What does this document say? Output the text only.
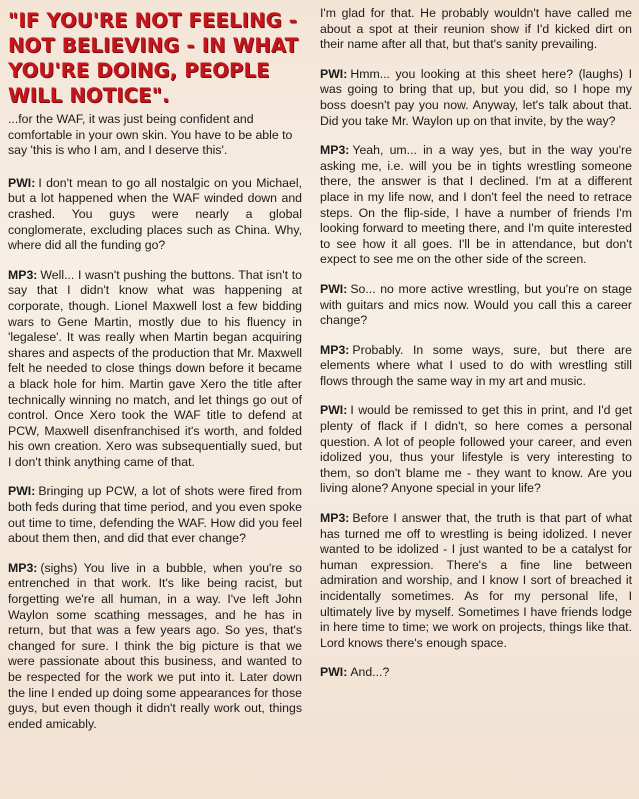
"IF YOU'RE NOT FEELING - NOT BELIEVING - IN WHAT YOU'RE DOING, PEOPLE WILL NOTICE".
...for the WAF, it was just being confident and comfortable in your own skin. You have to be able to say 'this is who I am, and I deserve this'.

PWI: I don't mean to go all nostalgic on you Michael, but a lot happened when the WAF winded down and crashed. You guys were nearly a global conglomerate, excluding places such as China. Why, where did all the funding go?

MP3: Well... I wasn't pushing the buttons. That isn't to say that I didn't know what was happening at corporate, though. Lionel Maxwell lost a few bidding wars to Gene Martin, mostly due to his fluency in 'legalese'. It was really when Martin began acquiring shares and aspects of the production that Mr. Maxwell felt he needed to close things down before it became a black hole for him. Martin gave Xero the title after technically winning no match, and let things go out of control. Once Xero took the WAF title to defend at PCW, Maxwell disenfranchised it's worth, and folded his own creation. Xero was subsequentially sued, but I don't think anything came of that.

PWI: Bringing up PCW, a lot of shots were fired from both feds during that time period, and you even spoke out time to time, defending the WAF. How did you feel about them then, and did that ever change?

MP3: (sighs) You live in a bubble, when you're so entrenched in that work. It's like being racist, but forgetting we're all human, in a way. I've left John Waylon some scathing messages, and he has in return, but that was a few years ago. So yes, that's changed for sure. I think the big picture is that we were passionate about this business, and wanted to be respected for the work we put into it. Later down the line I ended up doing some appearances for those guys, but even though it didn't really work out, things ended amicably.

I'm glad for that. He probably wouldn't have called me about a spot at their reunion show if I'd kicked dirt on their name after all that, but that's sanity prevailing.

PWI: Hmm... you looking at this sheet here? (laughs) I was going to bring that up, but you did, so I hope my boss doesn't pay you now. Anyway, let's talk about that. Did you take Mr. Waylon up on that invite, by the way?

MP3: Yeah, um... in a way yes, but in the way you're asking me, i.e. will you be in tights wrestling someone there, the answer is that I declined. I'm at a different place in my life now, and I don't feel the need to retrace steps. On the flip-side, I have a number of friends I'm looking forward to meeting there, and I'm quite interested to see how it all goes. I'll be in attendance, but don't expect to see me on the other side of the screen.

PWI: So... no more active wrestling, but you're on stage with guitars and mics now. Would you call this a career change?

MP3: Probably. In some ways, sure, but there are elements where what I used to do with wrestling still flows through the same way in my art and music.

PWI: I would be remissed to get this in print, and I'd get plenty of flack if I didn't, so here comes a personal question. A lot of people followed your career, and even idolized you, thus your lifestyle is very interesting to them, so don't blame me - they want to know. Are you living alone? Anyone special in your life?

MP3: Before I answer that, the truth is that part of what has turned me off to wrestling is being idolized. I never wanted to be idolized - I just wanted to be a catalyst for human expression. There's a fine line between admiration and worship, and I know I sort of breached it incidentally sometimes. As for my personal life, I ultimately live by myself. Sometimes I have friends lodge in here time to time; we work on projects, things like that. Lord knows there's enough space.

PWI: And...?
